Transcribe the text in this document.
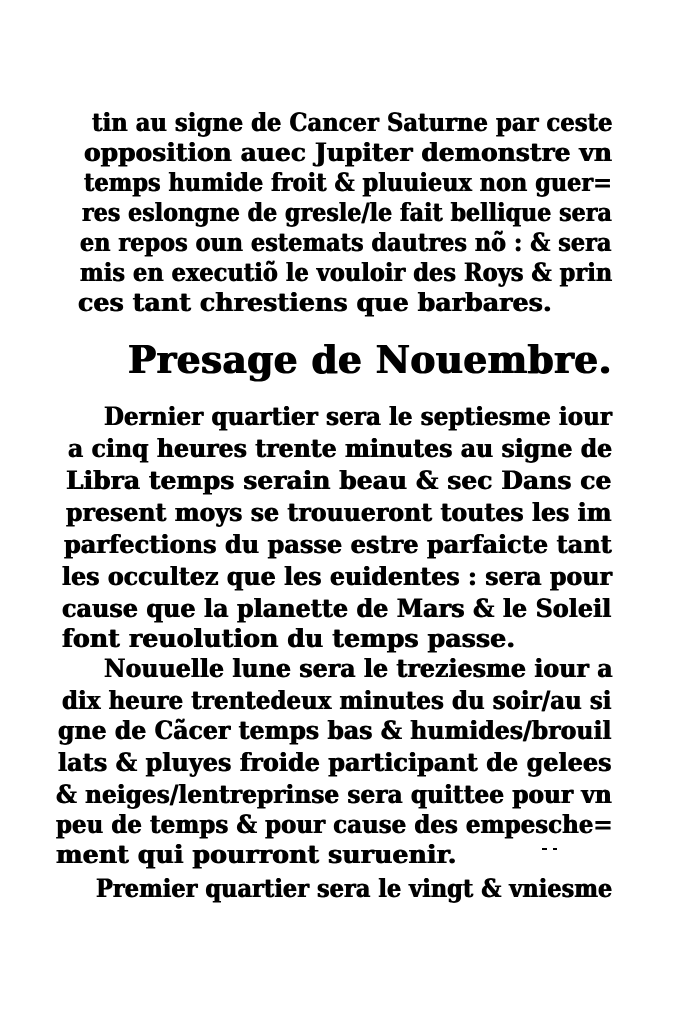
tin au signe de Cancer Saturne par ceste
opposition auec Jupiter demonstre vn
temps humide froit & pluuieux non guer=
res eslongne de gresle/le fait bellique sera
en repos oun estemats dautres nõ : & sera
mis en executiõ le vouloir des Roys & prin
ces tant chrestiens que barbares.
Presage de Nouembre.
Dernier quartier sera le septiesme iour
a cinq heures trente minutes au signe de
Libra temps serain beau & sec Dans ce
present moys se trouueront toutes les im
parfections du passe estre parfaicte tant
les occultez que les euidentes : sera pour
cause que la planette de Mars & le Soleil
font reuolution du temps passe.
Nouuelle lune sera le treziesme iour a
dix heure trentedeux minutes du soir/au si
gne de Cãcer temps bas & humides/brouil
lats & pluyes froide participant de gelees
& neiges/lentreprinse sera quittee pour vn
peu de temps & pour cause des empesche=
ment qui pourront suruenir.
Premier quartier sera le vingt & vniesme
